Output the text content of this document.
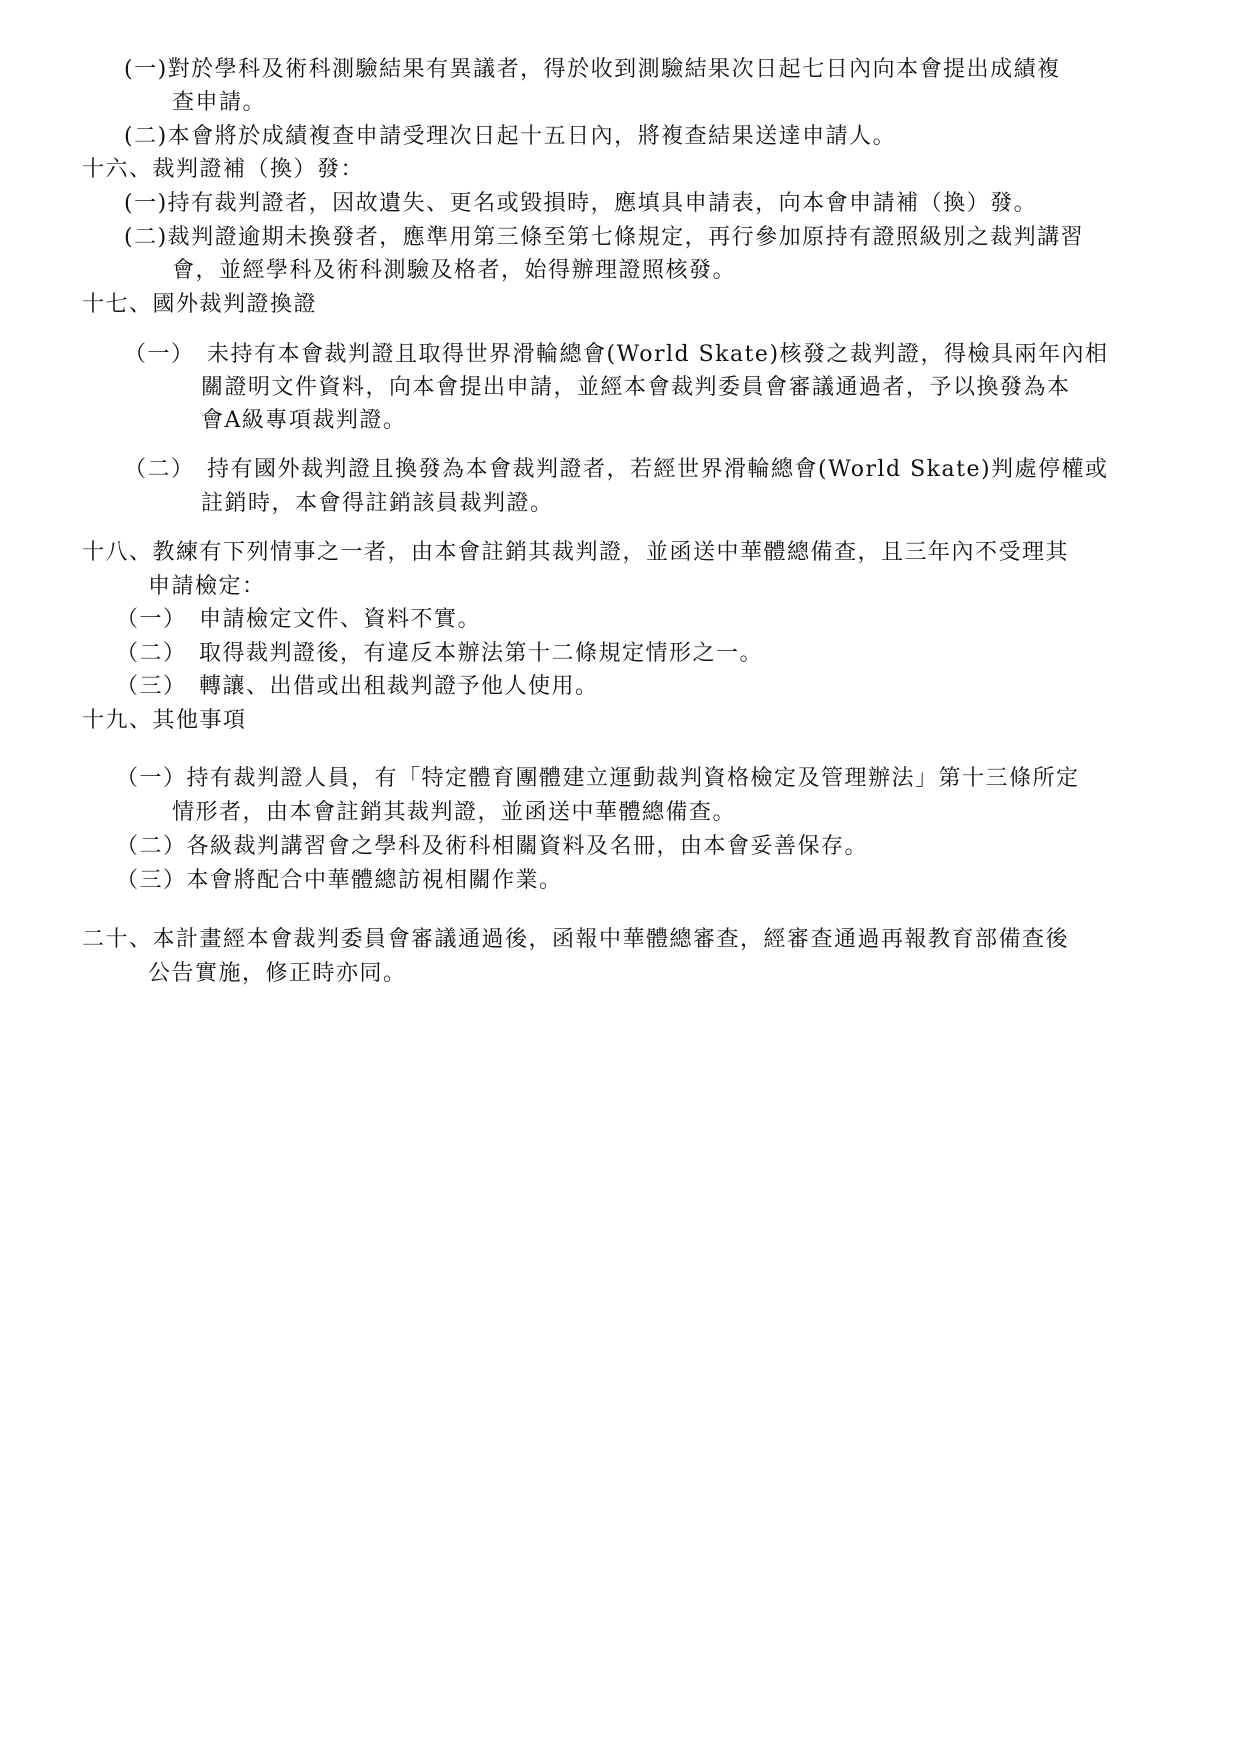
(一)對於學科及術科測驗結果有異議者，得於收到測驗結果次日起七日內向本會提出成績複
查申請。
(二)本會將於成績複查申請受理次日起十五日內，將複查結果送達申請人。
十六、裁判證補（換）發：
(一)持有裁判證者，因故遺失、更名或毀損時，應填具申請表，向本會申請補（換）發。
(二)裁判證逾期未換發者，應準用第三條至第七條規定，再行參加原持有證照級別之裁判講習
會，並經學科及術科測驗及格者，始得辦理證照核發。
十七、國外裁判證換證
（一）　未持有本會裁判證且取得世界滑輪總會(World Skate)核發之裁判證，得檢具兩年內相
關證明文件資料，向本會提出申請，並經本會裁判委員會審議通過者，予以換發為本
會A級專項裁判證。
（二）　持有國外裁判證且換發為本會裁判證者，若經世界滑輪總會(World Skate)判處停權或
註銷時，本會得註銷該員裁判證。
十八、教練有下列情事之一者，由本會註銷其裁判證，並函送中華體總備查，且三年內不受理其
申請檢定：
（一）　申請檢定文件、資料不實。
（二）　取得裁判證後，有違反本辦法第十二條規定情形之一。
（三）　轉讓、出借或出租裁判證予他人使用。
十九、其他事項
（一）持有裁判證人員，有「特定體育團體建立運動裁判資格檢定及管理辦法」第十三條所定
情形者，由本會註銷其裁判證，並函送中華體總備查。
（二）各級裁判講習會之學科及術科相關資料及名冊，由本會妥善保存。
（三）本會將配合中華體總訪視相關作業。
二十、本計畫經本會裁判委員會審議通過後，函報中華體總審查，經審查通過再報教育部備查後
公告實施，修正時亦同。
